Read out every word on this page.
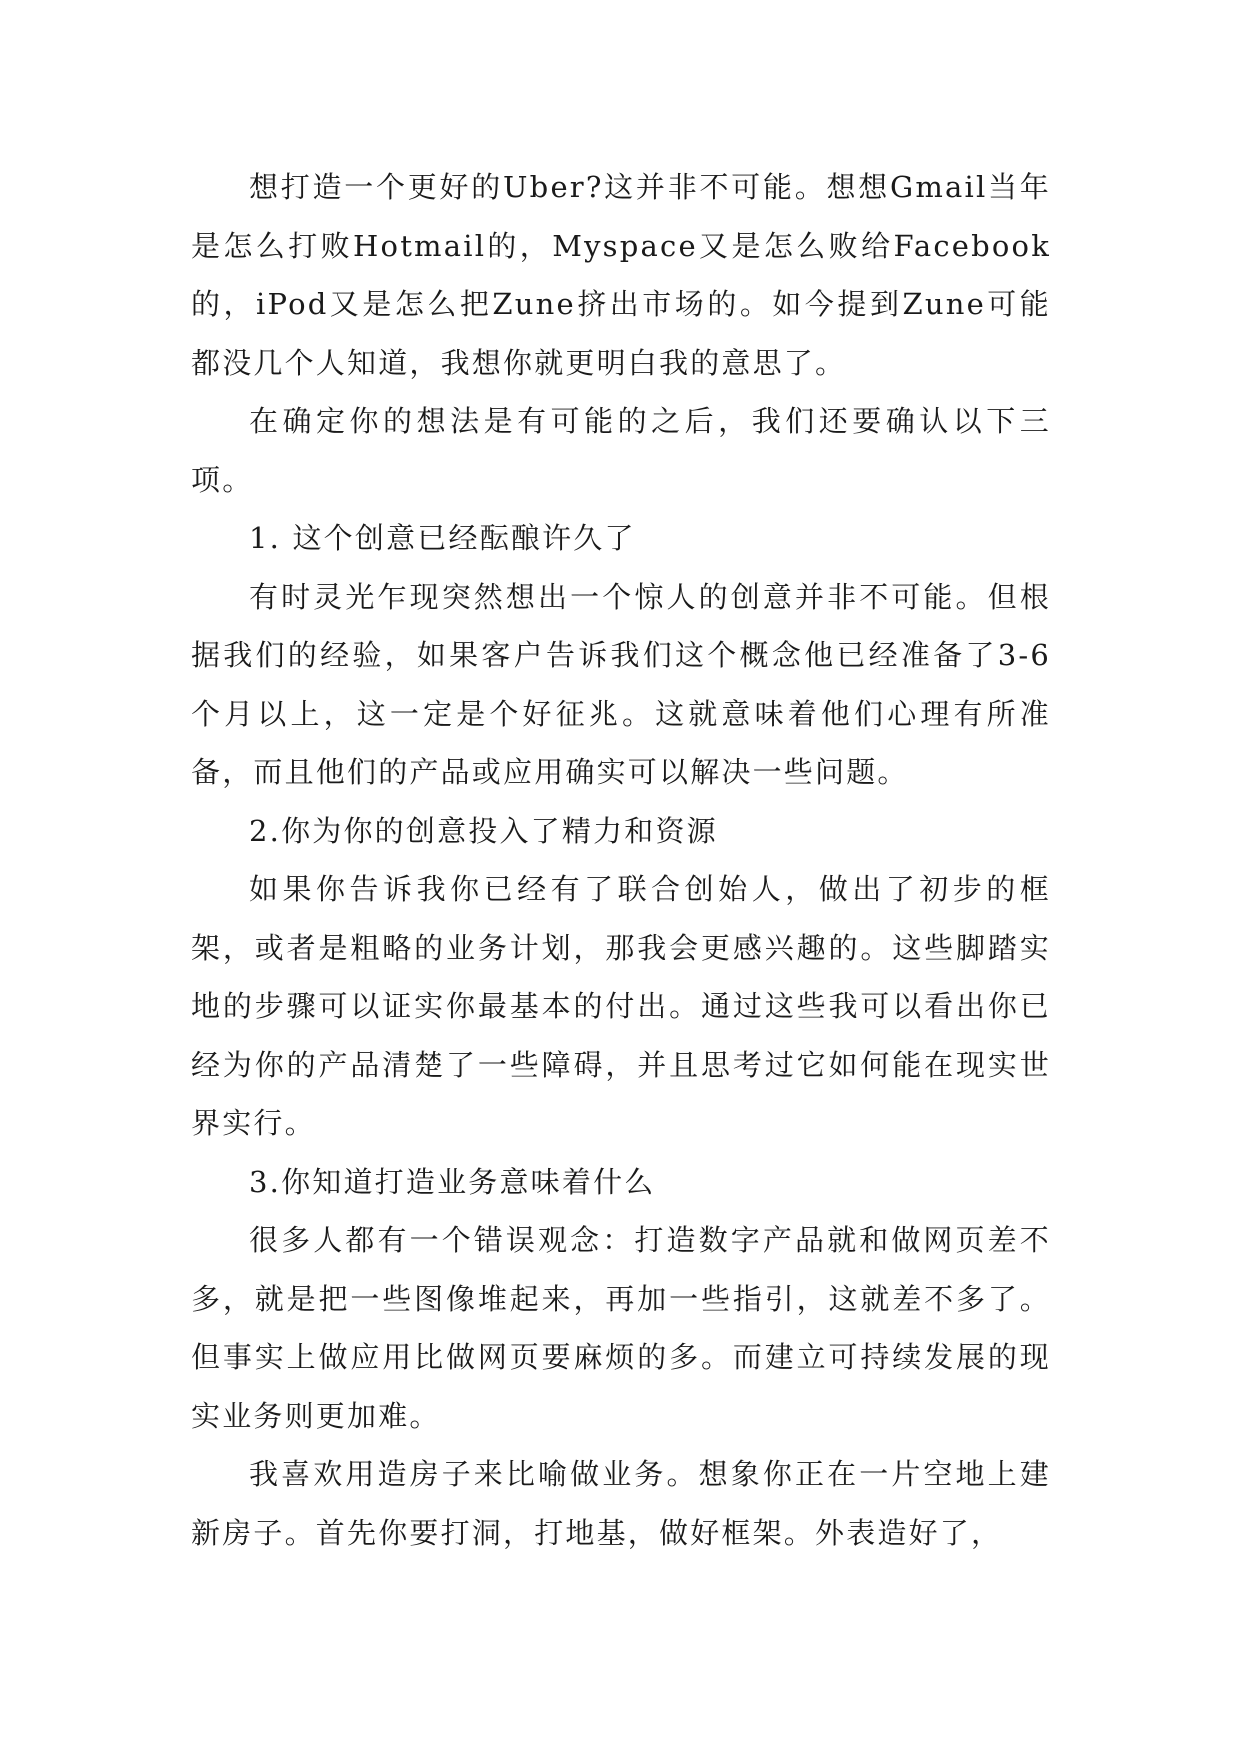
想打造一个更好的Uber?这并非不可能。想想Gmail当年是怎么打败Hotmail的，Myspace又是怎么败给Facebook的，iPod又是怎么把Zune挤出市场的。如今提到Zune可能都没几个人知道，我想你就更明白我的意思了。

在确定你的想法是有可能的之后，我们还要确认以下三项。

1. 这个创意已经酝酿许久了

有时灵光乍现突然想出一个惊人的创意并非不可能。但根据我们的经验，如果客户告诉我们这个概念他已经准备了3-6个月以上，这一定是个好征兆。这就意味着他们心理有所准备，而且他们的产品或应用确实可以解决一些问题。

2.你为你的创意投入了精力和资源

如果你告诉我你已经有了联合创始人，做出了初步的框架，或者是粗略的业务计划，那我会更感兴趣的。这些脚踏实地的步骤可以证实你最基本的付出。通过这些我可以看出你已经为你的产品清楚了一些障碍，并且思考过它如何能在现实世界实行。

3.你知道打造业务意味着什么

很多人都有一个错误观念：打造数字产品就和做网页差不多，就是把一些图像堆起来，再加一些指引，这就差不多了。但事实上做应用比做网页要麻烦的多。而建立可持续发展的现实业务则更加难。

我喜欢用造房子来比喻做业务。想象你正在一片空地上建新房子。首先你要打洞，打地基，做好框架。外表造好了，
